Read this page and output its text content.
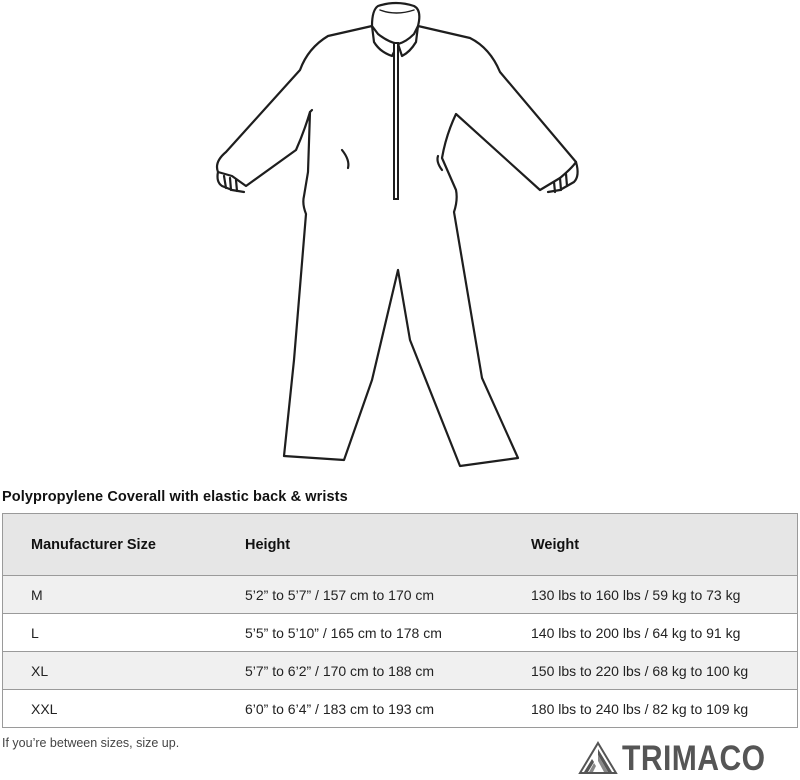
Polypropylene Coverall with elastic back & wrists
Manufacturer Size	Height	Weight
M	5’2” to 5’7” / 157 cm to 170 cm	130 lbs to 160 lbs / 59 kg to 73 kg
L	5’5” to 5’10” / 165 cm to 178 cm	140 lbs to 200 lbs / 64 kg to 91 kg
XL	5’7” to 6’2” / 170 cm to 188 cm	150 lbs to 220 lbs / 68 kg to 100 kg
XXL	6’0” to 6’4” / 183 cm to 193 cm	180 lbs to 240 lbs / 82 kg to 109 kg
If you’re between sizes, size up.	TRIMACO
